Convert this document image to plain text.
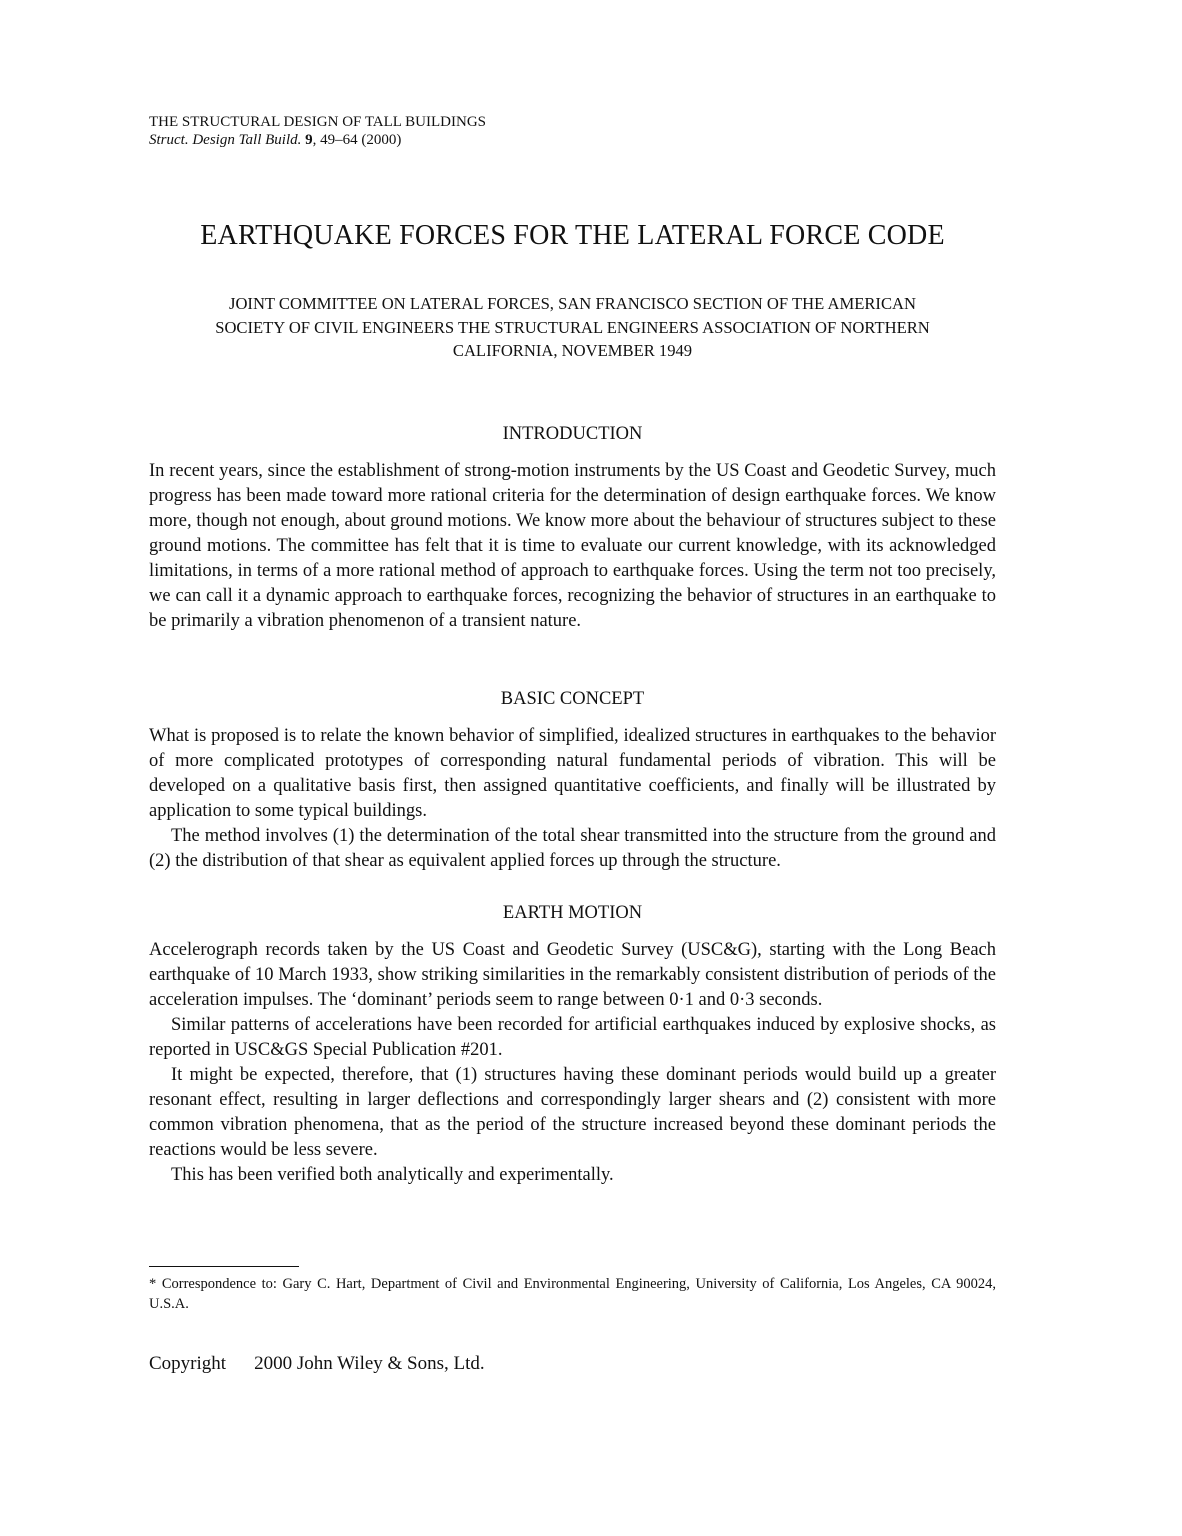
THE STRUCTURAL DESIGN OF TALL BUILDINGS
Struct. Design Tall Build. 9, 49–64 (2000)
EARTHQUAKE FORCES FOR THE LATERAL FORCE CODE
JOINT COMMITTEE ON LATERAL FORCES, SAN FRANCISCO SECTION OF THE AMERICAN
SOCIETY OF CIVIL ENGINEERS THE STRUCTURAL ENGINEERS ASSOCIATION OF NORTHERN
CALIFORNIA, NOVEMBER 1949
INTRODUCTION

In recent years, since the establishment of strong-motion instruments by the US Coast and Geodetic Survey, much progress has been made toward more rational criteria for the determination of design earthquake forces. We know more, though not enough, about ground motions. We know more about the behaviour of structures subject to these ground motions. The committee has felt that it is time to evaluate our current knowledge, with its acknowledged limitations, in terms of a more rational method of approach to earthquake forces. Using the term not too precisely, we can call it a dynamic approach to earthquake forces, recognizing the behavior of structures in an earthquake to be primarily a vibration phenomenon of a transient nature.

BASIC CONCEPT

What is proposed is to relate the known behavior of simplified, idealized structures in earthquakes to the behavior of more complicated prototypes of corresponding natural fundamental periods of vibration. This will be developed on a qualitative basis first, then assigned quantitative coefficients, and finally will be illustrated by application to some typical buildings.

The method involves (1) the determination of the total shear transmitted into the structure from the ground and (2) the distribution of that shear as equivalent applied forces up through the structure.

EARTH MOTION

Accelerograph records taken by the US Coast and Geodetic Survey (USC&G), starting with the Long Beach earthquake of 10 March 1933, show striking similarities in the remarkably consistent distribution of periods of the acceleration impulses. The ‘dominant’ periods seem to range between 0·1 and 0·3 seconds.

Similar patterns of accelerations have been recorded for artificial earthquakes induced by explosive shocks, as reported in USC&GS Special Publication #201.

It might be expected, therefore, that (1) structures having these dominant periods would build up a greater resonant effect, resulting in larger deflections and correspondingly larger shears and (2) consistent with more common vibration phenomena, that as the period of the structure increased beyond these dominant periods the reactions would be less severe.

This has been verified both analytically and experimentally.

* Correspondence to: Gary C. Hart, Department of Civil and Environmental Engineering, University of California, Los Angeles, CA 90024, U.S.A.
Copyright 2000 John Wiley & Sons, Ltd.
